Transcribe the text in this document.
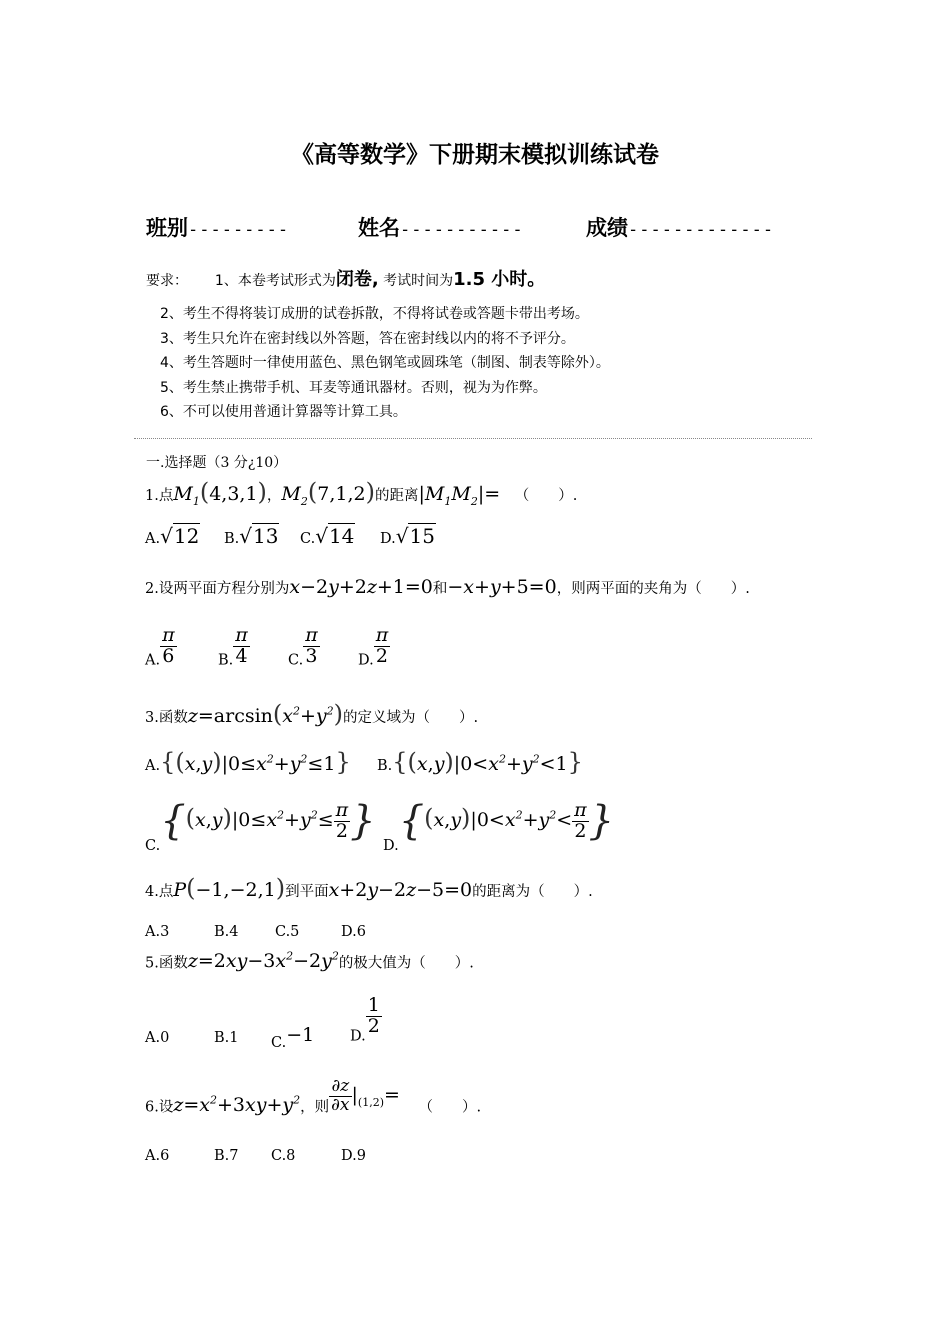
《高等数学》下册期末模拟训练试卷
班别---------	姓名-----------	成绩-------------
要求： 1、本卷考试形式为闭卷, 考试时间为1.5 小时。
2、考生不得将装订成册的试卷拆散，不得将试卷或答题卡带出考场。
3、考生只允许在密封线以外答题，答在密封线以内的将不予评分。
4、考生答题时一律使用蓝色、黑色钢笔或圆珠笔（制图、制表等除外）。
5、考生禁止携带手机、耳麦等通讯器材。否则，视为为作弊。
6、不可以使用普通计算器等计算工具。
一.选择题（3 分¿10）
1.点$M_1(4,3,1)$，$M_2(7,1,2)$的距离$|M_1M_2|=$ （　　）.
A.√12 B.√13 C.√14 D.√15
2.设两平面方程分别为x−2y+2z+1=0和−x+y+5=0，则两平面的夹角为（　　）.
A. $\frac{\pi}{6}$	B. $\frac{\pi}{4}$	C. $\frac{\pi}{3}$	D. $\frac{\pi}{2}$
3.函数$z=\arcsin(x^2+y^2)$的定义域为（　　）.
$A.\{(x,y)|0\le x^2+y^2\le 1\}$ $B.\{(x,y)|0<x^2+y^2<1\}$
$C.\{(x,y)|0\le x^2+y^2\le \frac{\pi}{2}$ }
$D.\{(x,y)|0<x^2+y^2< \frac{\pi}{2}$ }
4.点P(−1,−2,1)到平面x+2y−2z−5=0的距离为（　　）.
A.3	B.4	C.5	D.6
5.函数$z=2xy-3x^2-2y^2$的极大值为（　　）.
A.0	B.1 C.−1 D. $\frac{1}{2}$
6.设$z=x^2+3xy+y^2$，则 $\frac{\partial z}{\partial x} |_{(1,2)}=$ （　　）.
A.6	B.7 C.8	D.9
